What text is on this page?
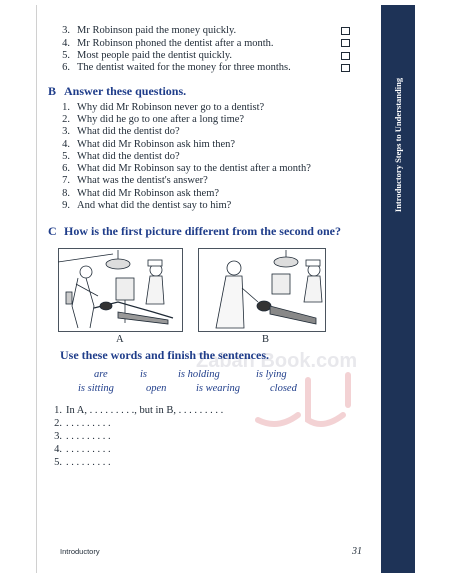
Introductory Steps to Understanding
3. Mr Robinson paid the money quickly.
4. Mr Robinson phoned the dentist after a month.
5. Most people paid the dentist quickly.
6. The dentist waited for the money for three months.
B Answer these questions.
1. Why did Mr Robinson never go to a dentist?
2. Why did he go to one after a long time?
3. What did the dentist do?
4. What did Mr Robinson ask him then?
5. What did the dentist do?
6. What did Mr Robinson say to the dentist after a month?
7. What was the dentist's answer?
8. What did Mr Robinson ask them?
9. And what did the dentist say to him?
C How is the first picture different from the second one?
A	B
Zaban Book.com
Use these words and finish the sentences.
are	is	is holding	is lying
is sitting	open	is wearing	closed
1. In A, . . . . . . . . ., but in B, . . . . . . . . .
2. . . . . . . . . .
3. . . . . . . . . .
4. . . . . . . . . .
5. . . . . . . . . .
Introductory	31
